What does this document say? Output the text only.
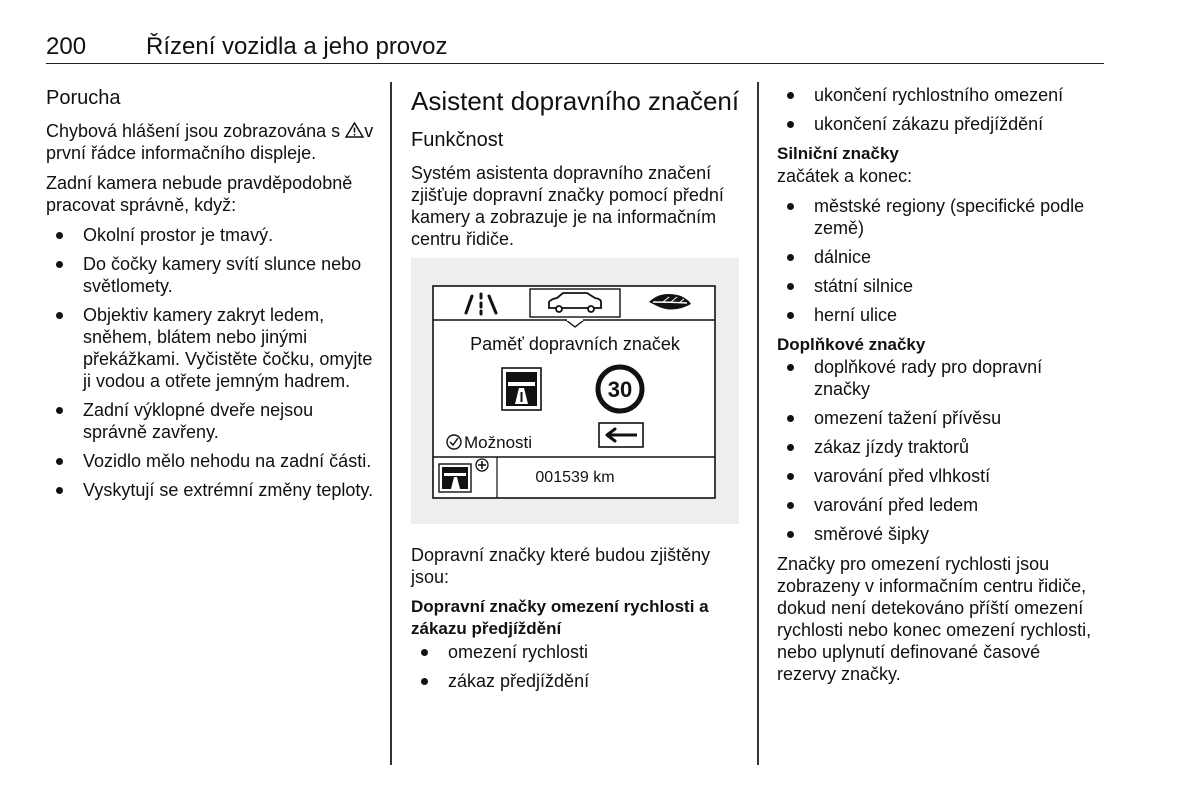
200 Řízení vozidla a jeho provoz
Porucha

Chybová hlášení jsou zobrazována s v první řádce informačního displeje.

Zadní kamera nebude pravděpodobně pracovat správně, když:

Okolní prostor je tmavý.
Do čočky kamery svítí slunce nebo světlomety.
Objektiv kamery zakryt ledem, sněhem, blátem nebo jinými překážkami. Vyčistěte čočku, omyjte ji vodou a otřete jemným hadrem.
Zadní výklopné dveře nejsou správně zavřeny.
Vozidlo mělo nehodu na zadní části.
Vyskytují se extrémní změny teploty.
Asistent dopravního značení
Funkčnost

Systém asistenta dopravního značení zjišťuje dopravní značky pomocí přední kamery a zobrazuje je na informačním centru řidiče.

Paměť dopravních značek
30
Možnosti
001539 km

Dopravní značky které budou zjištěny jsou:

Dopravní značky omezení rychlosti a zákazu předjíždění
omezení rychlosti
zákaz předjíždění
ukončení rychlostního omezení
ukončení zákazu předjíždění
Silniční značky

začátek a konec:

městské regiony (specifické podle země)
dálnice
státní silnice
herní ulice
Doplňkové značky
doplňkové rady pro dopravní značky
omezení tažení přívěsu
zákaz jízdy traktorů
varování před vlhkostí
varování před ledem
směrové šipky

Značky pro omezení rychlosti jsou zobrazeny v informačním centru řidiče, dokud není detekováno příští omezení rychlosti nebo konec omezení rychlosti, nebo uplynutí definované časové rezervy značky.
